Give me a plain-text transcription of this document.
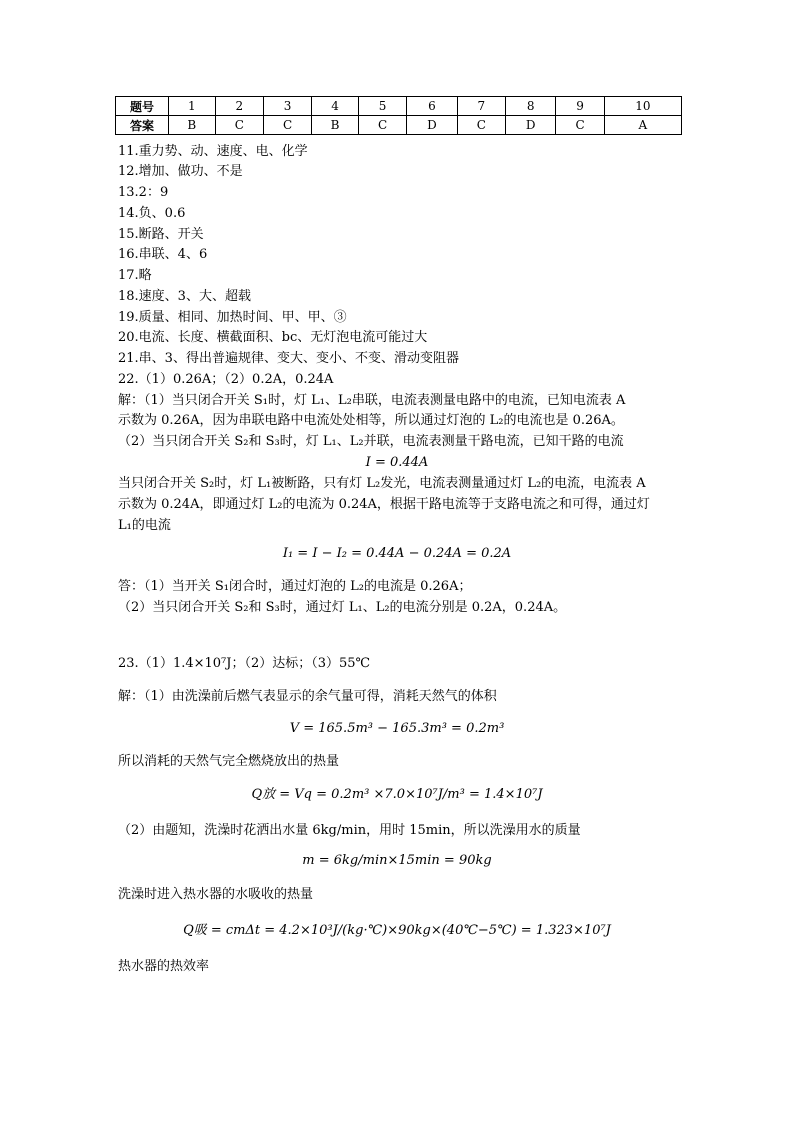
题号	1	2	3	4	5	6	7	8	9	10
答案	B	C	C	B	C	D	C	D	C	A
11.重力势、动、速度、电、化学
12.增加、做功、不是
13.2：9
14.负、0.6
15.断路、开关
16.串联、4、6
17.略
18.速度、3、大、超载
19.质量、相同、加热时间、甲、甲、③
20.电流、长度、横截面积、bc、无灯泡电流可能过大
21.串、3、得出普遍规律、变大、变小、不变、滑动变阻器
22.（1）0.26A；（2）0.2A，0.24A
解：（1）当只闭合开关 S₁时，灯 L₁、L₂串联，电流表测量电路中的电流，已知电流表 A
示数为 0.26A，因为串联电路中电流处处相等，所以通过灯泡的 L₂的电流也是 0.26A。
（2）当只闭合开关 S₂和 S₃时，灯 L₁、L₂并联，电流表测量干路电流，已知干路的电流
I = 0.44A
当只闭合开关 S₂时，灯 L₁被断路，只有灯 L₂发光，电流表测量通过灯 L₂的电流，电流表 A
示数为 0.24A，即通过灯 L₂的电流为 0.24A，根据干路电流等于支路电流之和可得，通过灯
L₁的电流
I₁ = I − I₂ = 0.44A − 0.24A = 0.2A
答：（1）当开关 S₁闭合时，通过灯泡的 L₂的电流是 0.26A；
（2）当只闭合开关 S₂和 S₃时，通过灯 L₁、L₂的电流分别是 0.2A，0.24A。
23.（1）1.4×10⁷J；（2）达标；（3）55℃
解：（1）由洗澡前后燃气表显示的余气量可得，消耗天然气的体积
V = 165.5m³ − 165.3m³ = 0.2m³
所以消耗的天然气完全燃烧放出的热量
Q放 = Vq = 0.2m³ ×7.0×10⁷J/m³ = 1.4×10⁷J
（2）由题知，洗澡时花洒出水量 6kg/min，用时 15min，所以洗澡用水的质量
m = 6kg/min×15min = 90kg
洗澡时进入热水器的水吸收的热量
Q吸 = cmΔt = 4.2×10³J/(kg·℃)×90kg×(40℃−5℃) = 1.323×10⁷J
热水器的热效率
